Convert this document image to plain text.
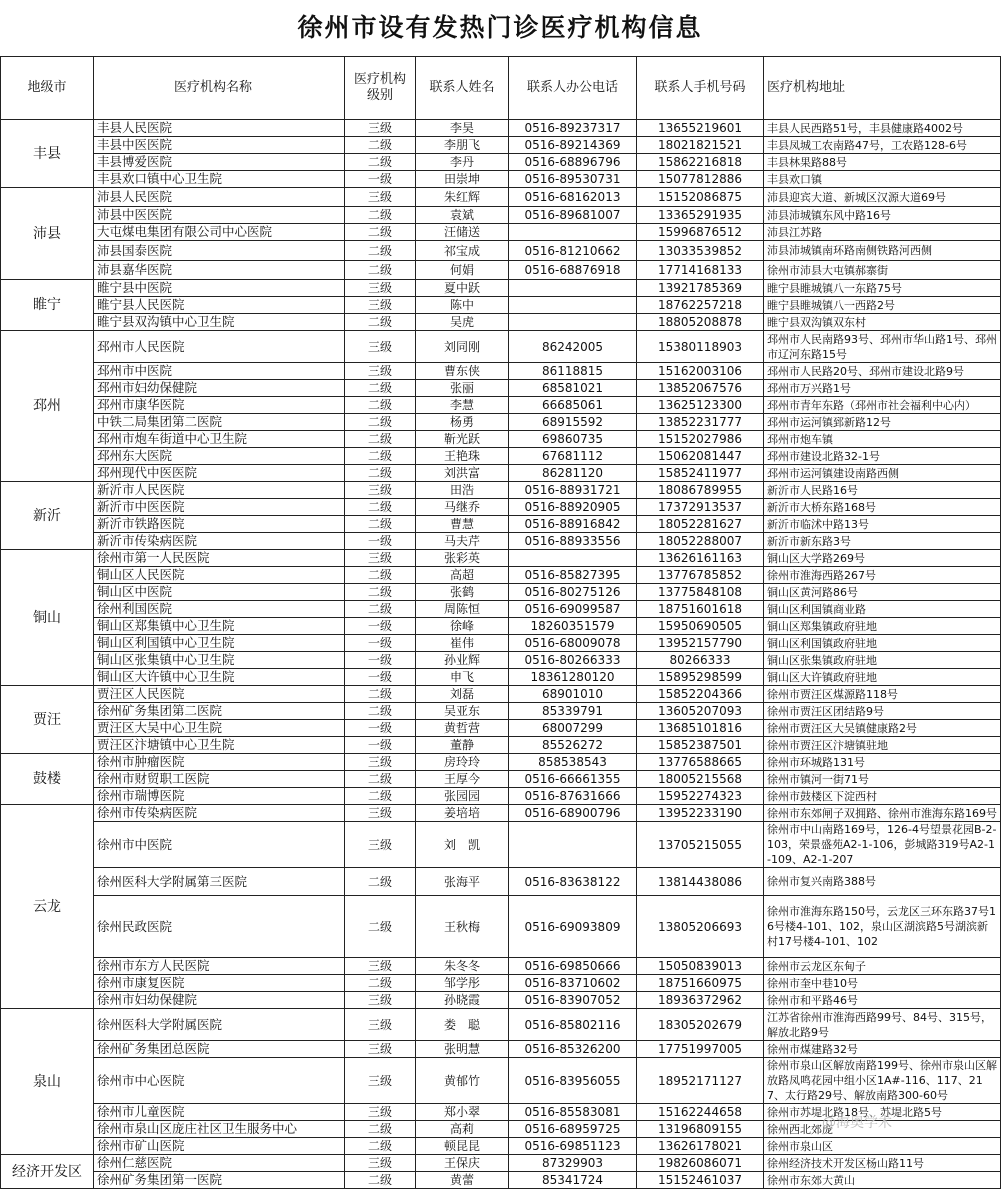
徐州市设有发热门诊医疗机构信息
地级市	医疗机构名称	医疗机构级别	联系人姓名	联系人办公电话	联系人手机号码	医疗机构地址
丰县	丰县人民医院	三级	李昊	0516-89237317	13655219601	丰县人民西路51号，丰县健康路4002号
	丰县中医医院	二级	李朋飞	0516-89214369	18021821521	丰县凤城工农南路47号，工农路128-6号
	丰县博爱医院	二级	李丹	0516-68896796	15862216818	丰县林果路88号
	丰县欢口镇中心卫生院	一级	田崇坤	0516-89530731	15077812886	丰县欢口镇
沛县	沛县人民医院	三级	朱红辉	0516-68162013	15152086875	沛县迎宾大道、新城区汉源大道69号
	沛县中医医院	二级	袁斌	0516-89681007	13365291935	沛县沛城镇东风中路16号
	大屯煤电集团有限公司中心医院	二级	汪储送		15996876512	沛县江苏路
	沛县国泰医院	二级	祁宝成	0516-81210662	13033539852	沛县沛城镇南环路南侧铁路河西侧
	沛县嘉华医院	二级	何娟	0516-68876918	17714168133	徐州市沛县大屯镇郝寨街
睢宁	睢宁县中医院	三级	夏中跃		13921785369	睢宁县睢城镇八一东路75号
	睢宁县人民医院	三级	陈中		18762257218	睢宁县睢城镇八一西路2号
	睢宁县双沟镇中心卫生院	二级	吴虎		18805208878	睢宁县双沟镇双东村
邳州	邳州市人民医院	三级	刘同刚	86242005	15380118903	邳州市人民南路93号、邳州市华山路1号、邳州市辽河东路15号
	邳州市中医院	三级	曹东侠	86118815	15162003106	邳州市人民路20号、邳州市建设北路9号
	邳州市妇幼保健院	二级	张丽	68581021	13852067576	邳州市万兴路1号
	邳州市康华医院	二级	李慧	66685061	13625123300	邳州市青年东路（邳州市社会福利中心内）
	中铁二局集团第二医院	二级	杨勇	68915592	13852231777	邳州市运河镇郅新路12号
	邳州市炮车街道中心卫生院	二级	靳光跃	69860735	15152027986	邳州市炮车镇
	邳州东大医院	二级	王艳珠	67681112	15062081447	邳州市建设北路32-1号
	邳州现代中医医院	二级	刘洪富	86281120	15852411977	邳州市运河镇建设南路西侧
新沂	新沂市人民医院	三级	田浩	0516-88931721	18086789955	新沂市人民路16号
	新沂市中医医院	二级	马继乔	0516-88920905	17372913537	新沂市大桥东路168号
	新沂市铁路医院	二级	曹慧	0516-88916842	18052281627	新沂市临沭中路13号
	新沂市传染病医院	一级	马夫芹	0516-88933556	18052288007	新沂市新东路3号
铜山	徐州市第一人民医院	三级	张彩英		13626161163	铜山区大学路269号
	铜山区人民医院	二级	高超	0516-85827395	13776785852	徐州市淮海西路267号
	铜山区中医院	二级	张鹤	0516-80275126	13775848108	铜山区黄河路86号
	徐州利国医院	二级	周陈恒	0516-69099587	18751601618	铜山区利国镇商业路
	铜山区郑集镇中心卫生院	一级	徐峰	18260351579	15950690505	铜山区郑集镇政府驻地
	铜山区利国镇中心卫生院	一级	崔伟	0516-68009078	13952157790	铜山区利国镇政府驻地
	铜山区张集镇中心卫生院	一级	孙业辉	0516-80266333	80266333	铜山区张集镇政府驻地
	铜山区大许镇中心卫生院	一级	申飞	18361280120	15895298599	铜山区大许镇政府驻地
贾汪	贾汪区人民医院	二级	刘磊	68901010	15852204366	徐州市贾汪区煤源路118号
	徐州矿务集团第二医院	二级	吴亚东	85339791	13605207093	徐州市贾汪区团结路9号
	贾汪区大吴中心卫生院	一级	黄哲营	68007299	13685101816	徐州市贾汪区大吴镇健康路2号
	贾汪区汴塘镇中心卫生院	一级	董静	85526272	15852387501	徐州市贾汪区汴塘镇驻地
鼓楼	徐州市肿瘤医院	三级	房玲玲	858538543	13776588665	徐州市环城路131号
	徐州市财贸职工医院	二级	王厚今	0516-66661355	18005215568	徐州市镇河一街71号
	徐州市瑞博医院	二级	张园园	0516-87631666	15952274323	徐州市鼓楼区下淀西村
云龙	徐州市传染病医院	三级	姜培培	0516-68900796	13952233190	徐州市东郊闸子双拥路、徐州市淮海东路169号
	徐州市中医院	三级	刘　凯		13705215055	徐州市中山南路169号，126-4号望景花园B-2-103，荣景盛苑A2-1-106，彭城路319号A2-1-109、A2-1-207
	徐州医科大学附属第三医院	二级	张海平	0516-83638122	13814438086	徐州市复兴南路388号
	徐州民政医院	二级	王秋梅	0516-69093809	13805206693	徐州市淮海东路150号，云龙区三环东路37号16号楼4-101、102，泉山区湖滨路5号湖滨新村17号楼4-101、102
	徐州市东方人民医院	三级	朱冬冬	0516-69850666	15050839013	徐州市云龙区东甸子
	徐州市康复医院	二级	邹学彤	0516-83710602	18751660975	徐州市奎中巷10号
	徐州市妇幼保健院	三级	孙晓霞	0516-83907052	18936372962	徐州市和平路46号
泉山	徐州医科大学附属医院	三级	娄　聪	0516-85802116	18305202679	江苏省徐州市淮海西路99号、84号、315号，解放北路9号
	徐州矿务集团总医院	三级	张明慧	0516-85326200	17751997005	徐州市煤建路32号
	徐州市中心医院	三级	黄郁竹	0516-83956055	18952171127	徐州市泉山区解放南路199号、徐州市泉山区解放路凤鸣花园中组小区1A#-116、117、217、太行路29号、解放南路300-60号
	徐州市儿童医院	三级	郑小翠	0516-85583081	15162244658	徐州市苏堤北路18号、苏堤北路5号
	徐州市泉山区庞庄社区卫生服务中心	二级	高莉	0516-68959725	13196809155	徐州西北郊庞
	徐州市矿山医院	二级	顿昆昆	0516-69851123	13626178021	徐州市泉山区
经济开发区	徐州仁慈医院	三级	王保庆	87329903	19826086071	徐州经济技术开发区杨山路11号
	徐州矿务集团第一医院	二级	黄蕾	85341724	15152461037	徐州市东郊大黄山
@海奥学术
